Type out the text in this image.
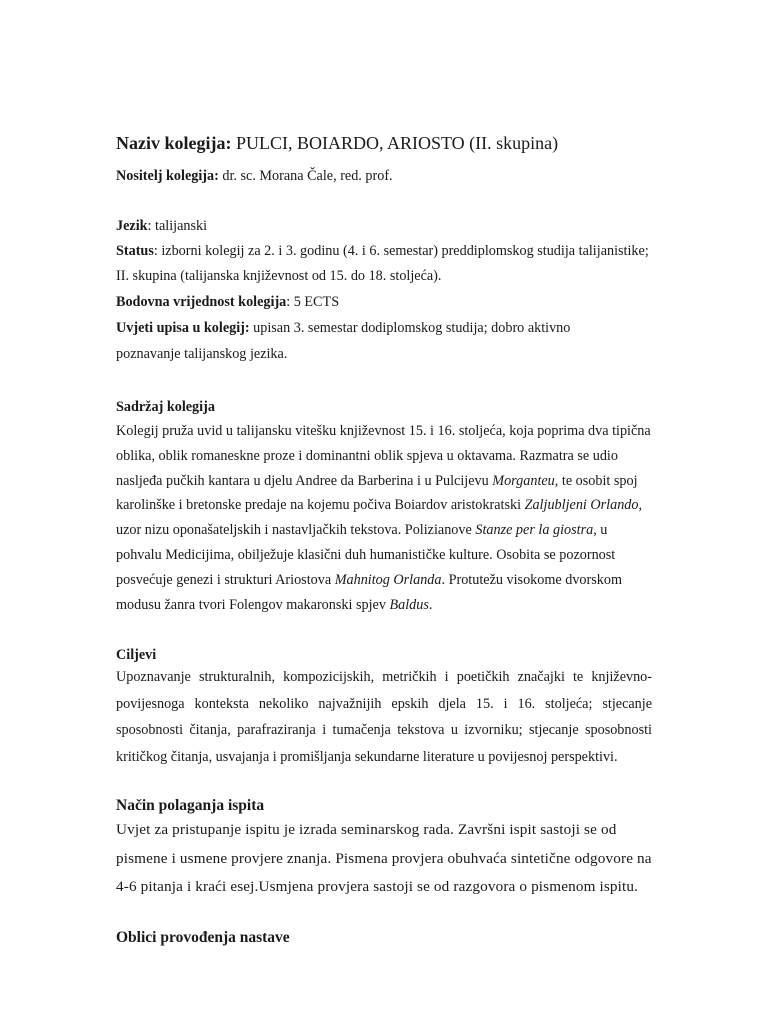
Naziv kolegija: PULCI, BOIARDO, ARIOSTO (II. skupina)
Nositelj kolegija: dr. sc. Morana Čale, red. prof.
Jezik: talijanski
Status: izborni kolegij za 2. i 3. godinu (4. i 6. semestar) preddiplomskog studija talijanistike;
II. skupina (talijanska književnost od 15. do 18. stoljeća).
Bodovna vrijednost kolegija: 5 ECTS
Uvjeti upisa u kolegij: upisan 3. semestar dodiplomskog studija; dobro aktivno
poznavanje talijanskog jezika.
Sadržaj kolegija
Kolegij pruža uvid u talijansku vitešku književnost 15. i 16. stoljeća, koja poprima dva tipična
oblika, oblik romaneskne proze i dominantni oblik spjeva u oktavama. Razmatra se udio
nasljeđa pučkih kantara u djelu Andree da Barberina i u Pulcijevu Morganteu, te osobit spoj
karolinške i bretonske predaje na kojemu počiva Boiardov aristokratski Zaljubljeni Orlando,
uzor nizu oponašateljskih i nastavljačkih tekstova. Polizianove Stanze per la giostra, u
pohvalu Medicijima, obilježuje klasični duh humanističke kulture. Osobita se pozornost
posvećuje genezi i strukturi Ariostova Mahnitog Orlanda. Protutežu visokome dvorskom
modusu žanra tvori Folengov makaronski spjev Baldus.
Ciljevi
Upoznavanje strukturalnih, kompozicijskih, metričkih i poetičkih značajki te književno-
povijesnoga konteksta nekoliko najvažnijih epskih djela 15. i 16. stoljeća; stjecanje
sposobnosti čitanja, parafraziranja i tumačenja tekstova u izvorniku; stjecanje sposobnosti
kritičkog čitanja, usvajanja i promišljanja sekundarne literature u povijesnoj perspektivi.
Način polaganja ispita
Uvjet za pristupanje ispitu je izrada seminarskog rada. Završni ispit sastoji se od
pismene i usmene provjere znanja. Pismena provjera obuhvaća sintetične odgovore na
4-6 pitanja i kraći esej.Usmjena provjera sastoji se od razgovora o pismenom ispitu.
Oblici provođenja nastave
